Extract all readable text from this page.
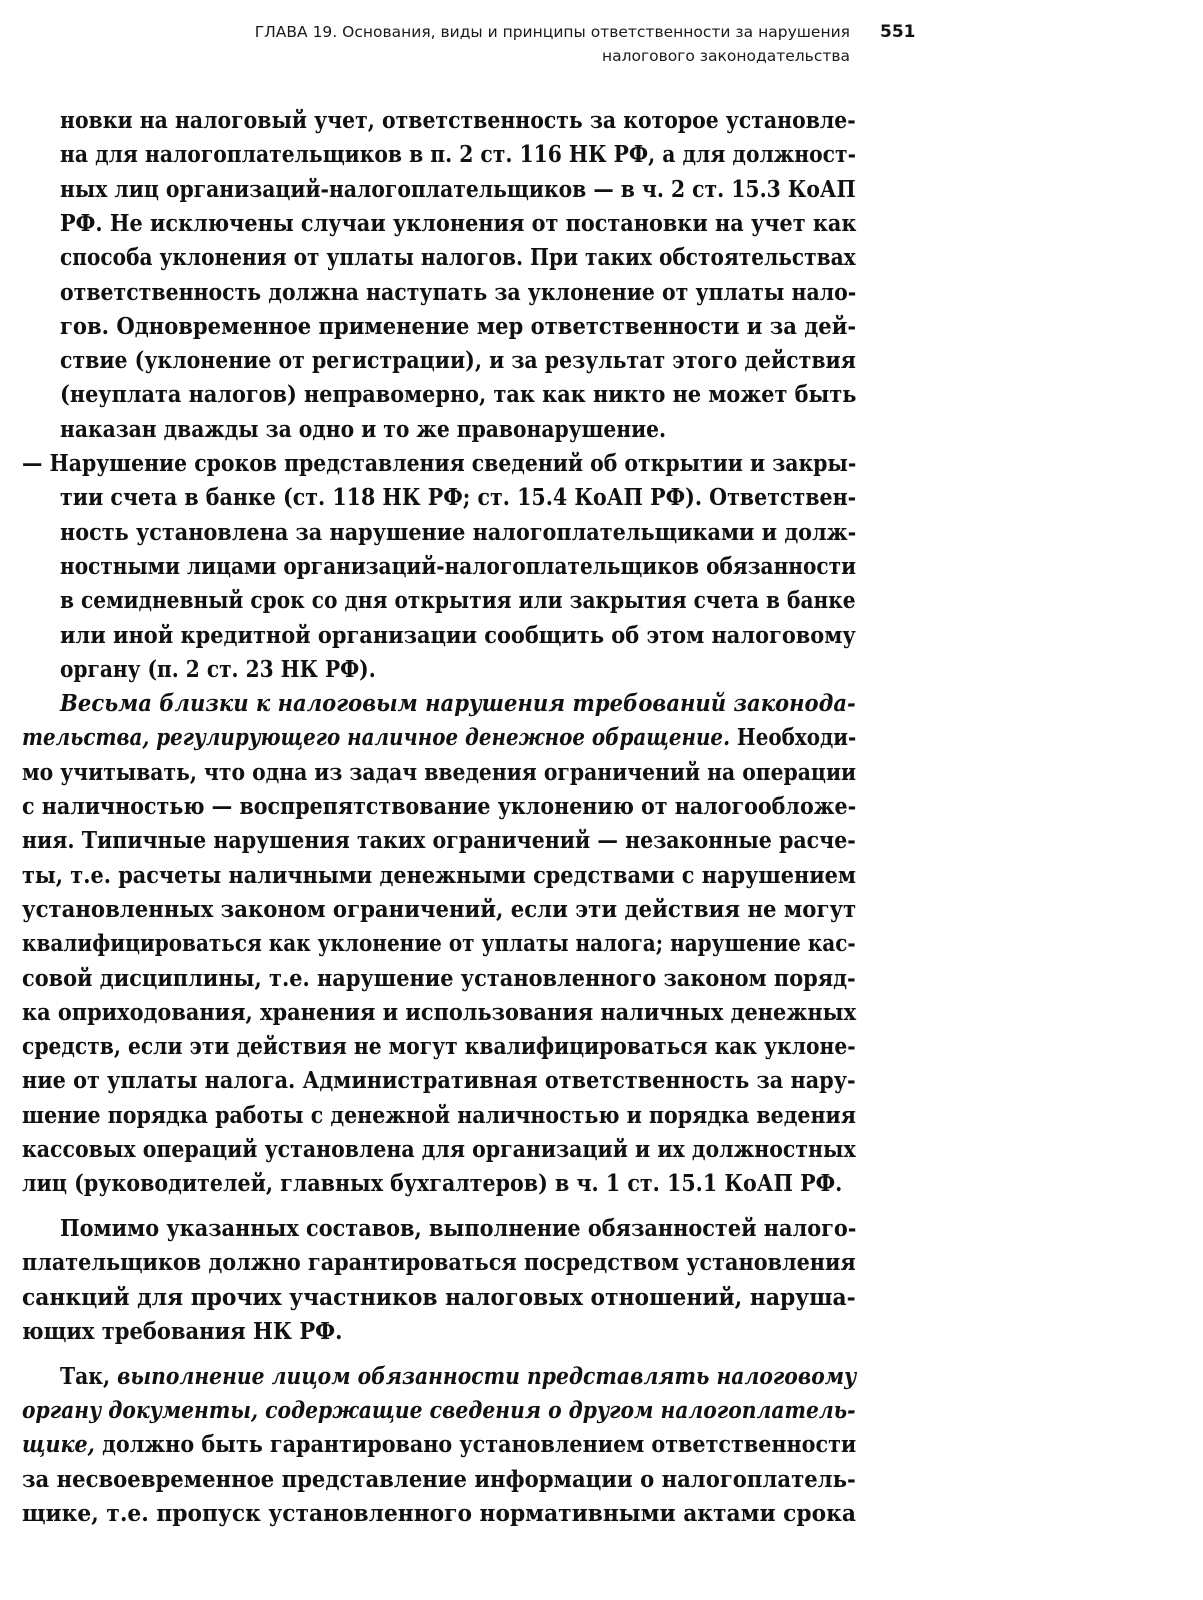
ГЛАВА 19. Основания, виды и принципы ответственности за нарушения
налогового законодательства
551
новки на налоговый учет, ответственность за которое установле-
на для налогоплательщиков в п. 2 ст. 116 НК РФ, а для должност-
ных лиц организаций-налогоплательщиков — в ч. 2 ст. 15.3 КоАП
РФ. Не исключены случаи уклонения от постановки на учет как
способа уклонения от уплаты налогов. При таких обстоятельствах
ответственность должна наступать за уклонение от уплаты нало-
гов. Одновременное применение мер ответственности и за дей-
ствие (уклонение от регистрации), и за результат этого действия
(неуплата налогов) неправомерно, так как никто не может быть
наказан дважды за одно и то же правонарушение.
— Нарушение сроков представления сведений об открытии и закры-
тии счета в банке (ст. 118 НК РФ; ст. 15.4 КоАП РФ). Ответствен-
ность установлена за нарушение налогоплательщиками и долж-
ностными лицами организаций-налогоплательщиков обязанности
в семидневный срок со дня открытия или закрытия счета в банке
или иной кредитной организации сообщить об этом налоговому
органу (п. 2 ст. 23 НК РФ).
Весьма близки к налоговым нарушения требований законода-
тельства, регулирующего наличное денежное обращение. Необходи-
мо учитывать, что одна из задач введения ограничений на операции
с наличностью — воспрепятствование уклонению от налогообложе-
ния. Типичные нарушения таких ограничений — незаконные расче-
ты, т.е. расчеты наличными денежными средствами с нарушением
установленных законом ограничений, если эти действия не могут
квалифицироваться как уклонение от уплаты налога; нарушение кас-
совой дисциплины, т.е. нарушение установленного законом поряд-
ка оприходования, хранения и использования наличных денежных
средств, если эти действия не могут квалифицироваться как уклоне-
ние от уплаты налога. Административная ответственность за нару-
шение порядка работы с денежной наличностью и порядка ведения
кассовых операций установлена для организаций и их должностных
лиц (руководителей, главных бухгалтеров) в ч. 1 ст. 15.1 КоАП РФ.
Помимо указанных составов, выполнение обязанностей налого-
плательщиков должно гарантироваться посредством установления
санкций для прочих участников налоговых отношений, наруша-
ющих требования НК РФ.
Так, выполнение лицом обязанности представлять налоговому
органу документы, содержащие сведения о другом налогоплатель-
щике, должно быть гарантировано установлением ответственности
за несвоевременное представление информации о налогоплатель-
щике, т.е. пропуск установленного нормативными актами срока
